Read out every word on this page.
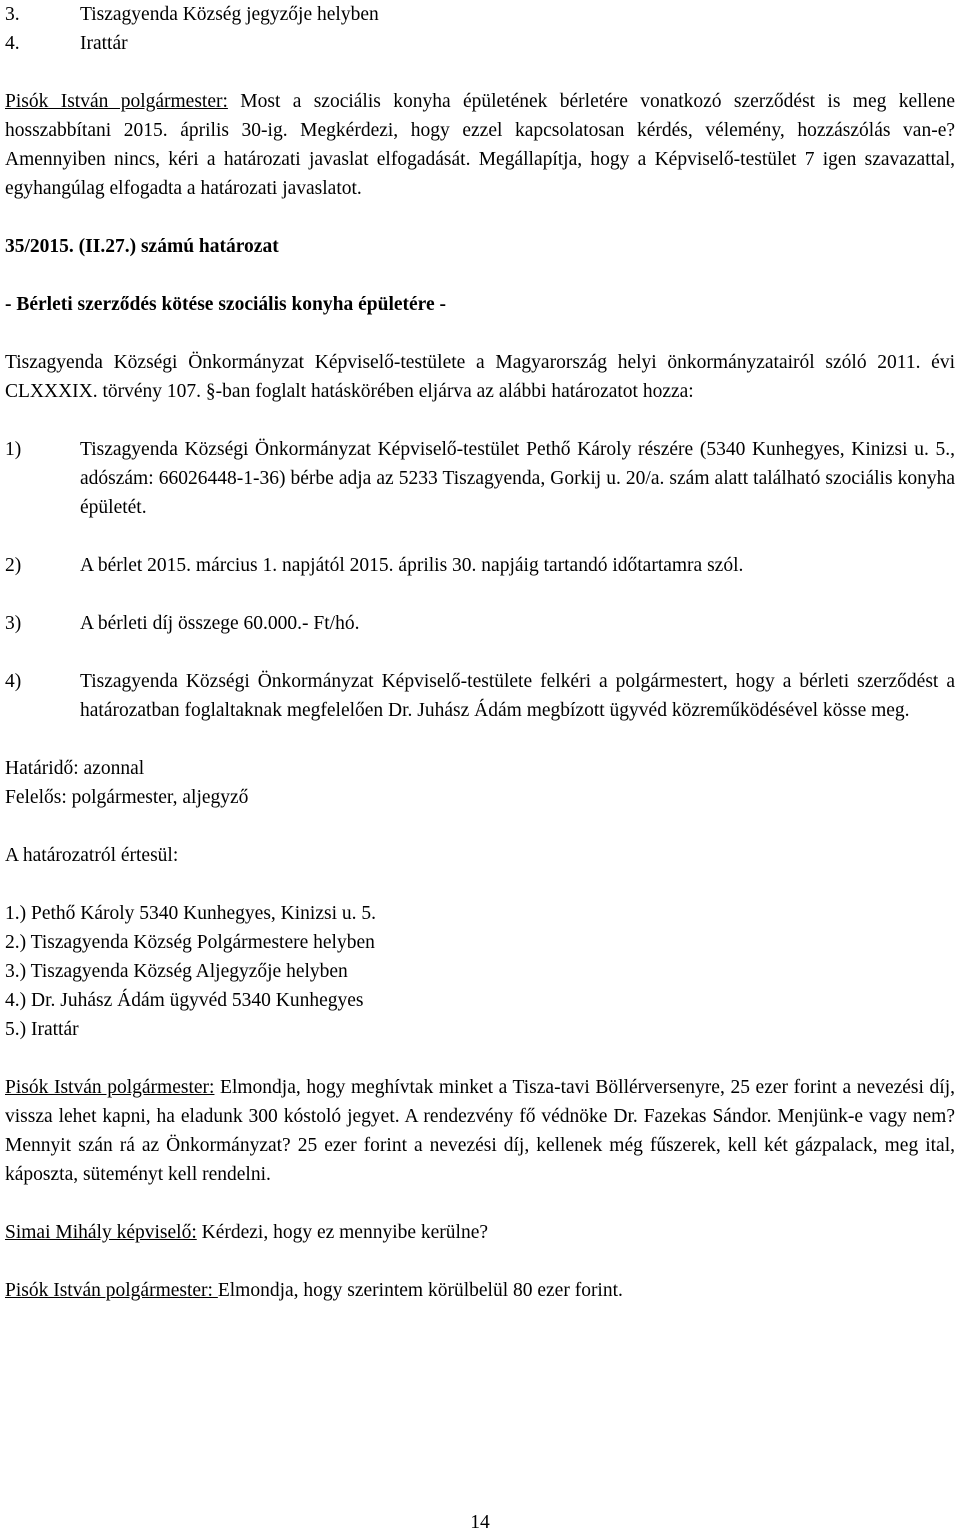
3.	Tiszagyenda Község jegyzője helyben
4.	Irattár

Pisók István polgármester: Most a szociális konyha épületének bérletére vonatkozó szerződést is meg kellene hosszabbítani 2015. április 30-ig. Megkérdezi, hogy ezzel kapcsolatosan kérdés, vélemény, hozzászólás van-e? Amennyiben nincs, kéri a határozati javaslat elfogadását. Megállapítja, hogy a Képviselő-testület 7 igen szavazattal, egyhangúlag elfogadta a határozati javaslatot.

35/2015. (II.27.) számú határozat

- Bérleti szerződés kötése szociális konyha épületére -

Tiszagyenda Községi Önkormányzat Képviselő-testülete a Magyarország helyi önkormányzatairól szóló 2011. évi CLXXXIX. törvény 107. §-ban foglalt hatáskörében eljárva az alábbi határozatot hozza:

1)	Tiszagyenda Községi Önkormányzat Képviselő-testület Pethő Károly részére (5340 Kunhegyes, Kinizsi u. 5., adószám: 66026448-1-36) bérbe adja az 5233 Tiszagyenda, Gorkij u. 20/a. szám alatt található szociális konyha épületét.
2)	A bérlet 2015. március 1. napjától 2015. április 30. napjáig tartandó időtartamra szól.
3)	A bérleti díj összege 60.000.- Ft/hó.
4)	Tiszagyenda Községi Önkormányzat Képviselő-testülete felkéri a polgármestert, hogy a bérleti szerződést a határozatban foglaltaknak megfelelően Dr. Juhász Ádám megbízott ügyvéd közreműködésével kösse meg.

Határidő: azonnal

Felelős: polgármester, aljegyző

A határozatról értesül:

1.) Pethő Károly 5340 Kunhegyes, Kinizsi u. 5.

2.) Tiszagyenda Község Polgármestere helyben

3.) Tiszagyenda Község Aljegyzője helyben

4.) Dr. Juhász Ádám ügyvéd 5340 Kunhegyes

5.) Irattár

Pisók István polgármester: Elmondja, hogy meghívtak minket a Tisza-tavi Böllérversenyre, 25 ezer forint a nevezési díj, vissza lehet kapni, ha eladunk 300 kóstoló jegyet. A rendezvény fő védnöke Dr. Fazekas Sándor. Menjünk-e vagy nem? Mennyit szán rá az Önkormányzat? 25 ezer forint a nevezési díj, kellenek még fűszerek, kell két gázpalack, meg ital, káposzta, süteményt kell rendelni.

Simai Mihály képviselő: Kérdezi, hogy ez mennyibe kerülne?

Pisók István polgármester: Elmondja, hogy szerintem körülbelül 80 ezer forint.

14
